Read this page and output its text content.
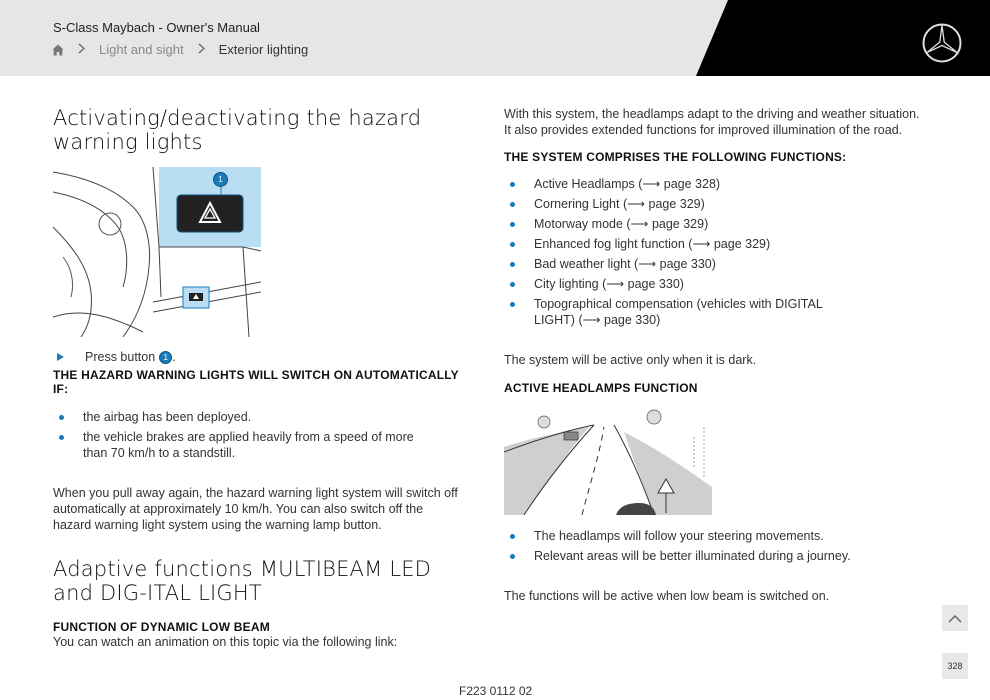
S-Class Maybach - Owner's Manual
Light and sight	Exterior lighting
Activating/deactivating the hazard warning lights
1
Press button	1 .
THE HAZARD WARNING LIGHTS WILL SWITCH ON AUTOMATICALLY IF:
the airbag has been deployed.
the vehicle brakes are applied heavily from a speed of more than 70 km/h to a standstill.

When you pull away again, the hazard warning light system will switch off automatically at approximately 10 km/h. You can also switch off the hazard warning light system using the warning lamp button.

Adaptive functions MULTIBEAM LED and DIG-ITAL LIGHT
FUNCTION OF DYNAMIC LOW BEAM

You can watch an animation on this topic via the following link:

With this system, the headlamps adapt to the driving and weather situation. It also provides extended functions for improved illumination of the road.

THE SYSTEM COMPRISES THE FOLLOWING FUNCTIONS:
Active Headlamps (⟶ page 328)
Cornering Light (⟶ page 329)
Motorway mode (⟶ page 329)
Enhanced fog light function (⟶ page 329)
Bad weather light (⟶ page 330)
City lighting (⟶ page 330)
Topographical compensation (vehicles with DIGITAL LIGHT) (⟶ page 330)

The system will be active only when it is dark.

ACTIVE HEADLAMPS FUNCTION
The headlamps will follow your steering movements.
Relevant areas will be better illuminated during a journey.

The functions will be active when low beam is switched on.

F223 0112 02
328
